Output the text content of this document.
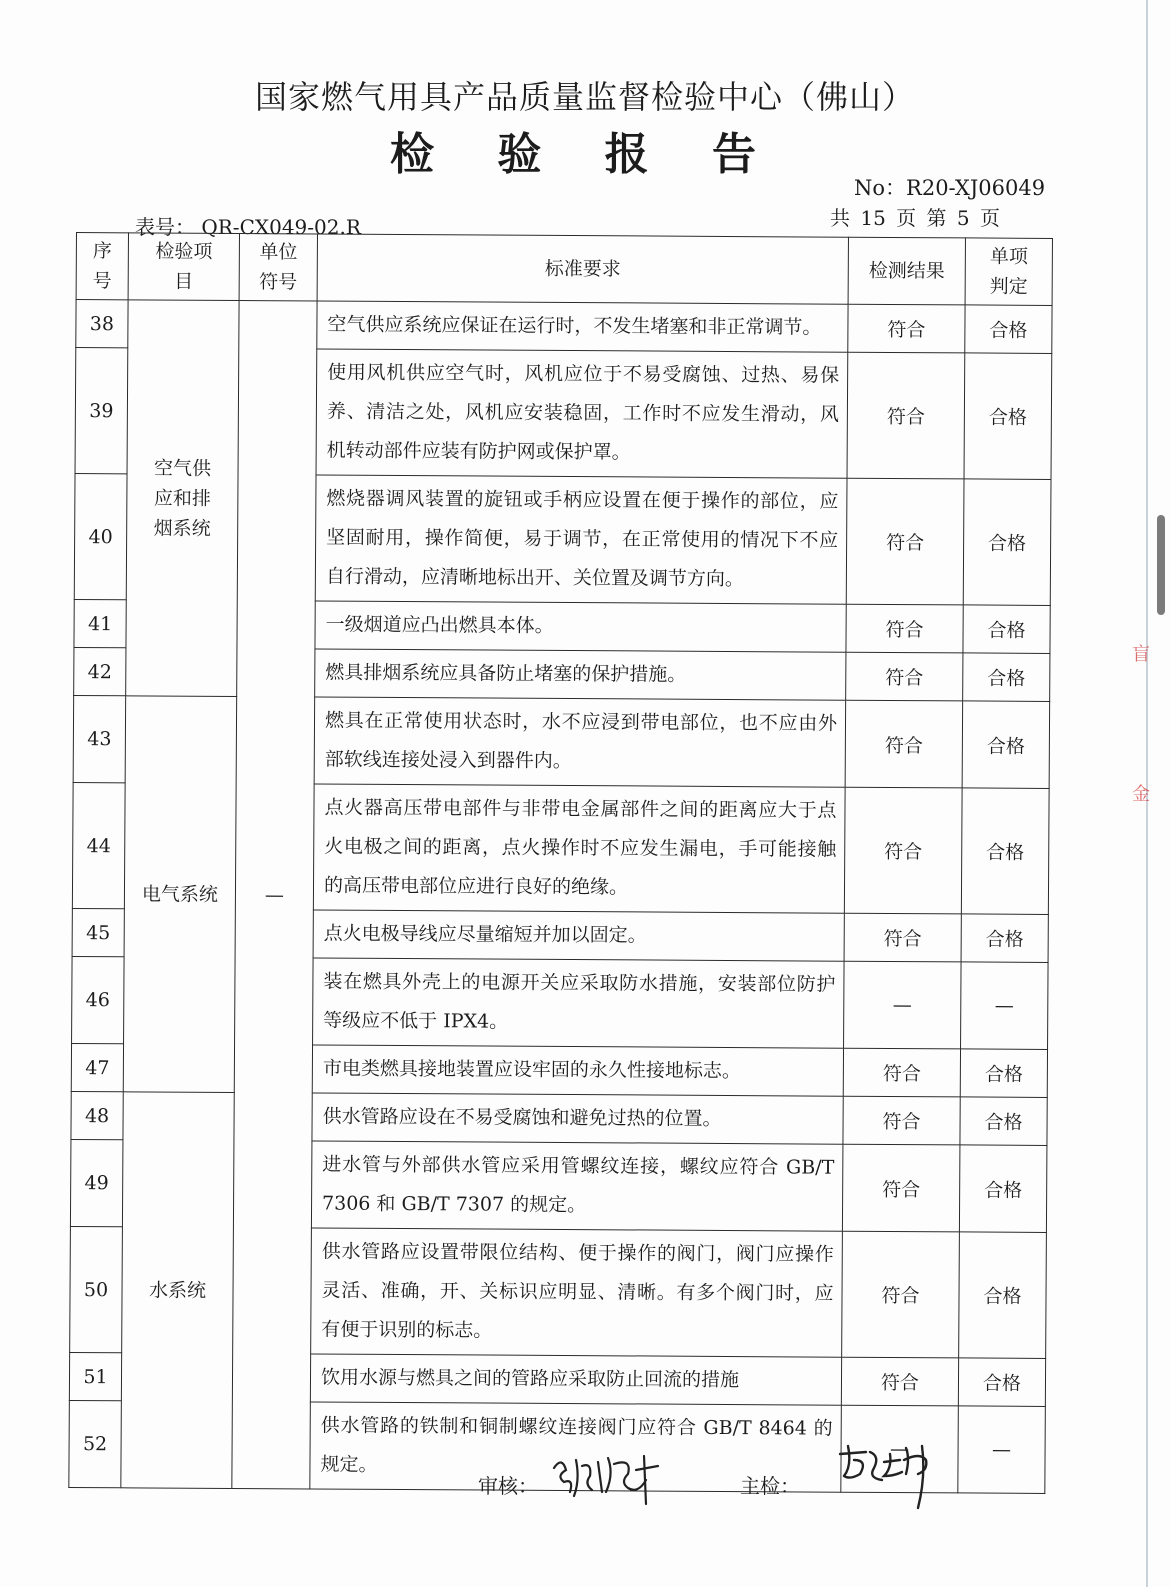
盲
金
国家燃气用具产品质量监督检验中心（佛山）
检 验 报 告
No：R20-XJ06049
表号： QR-CX049-02.R	共 15 页 第 5 页
序号	检验项目	单位符号	标准要求	检测结果	单项判定
38	空气供应和排烟系统	—	空气供应系统应保证在运行时，不发生堵塞和非正常调节。	符合	合格
39			使用风机供应空气时，风机应位于不易受腐蚀、过热、易保养、清洁之处，风机应安装稳固，工作时不应发生滑动，风机转动部件应装有防护网或保护罩。	符合	合格
40			燃烧器调风装置的旋钮或手柄应设置在便于操作的部位，应坚固耐用，操作简便，易于调节，在正常使用的情况下不应自行滑动，应清晰地标出开、关位置及调节方向。	符合	合格
41			一级烟道应凸出燃具本体。	符合	合格
42			燃具排烟系统应具备防止堵塞的保护措施。	符合	合格
43	电气系统		燃具在正常使用状态时，水不应浸到带电部位，也不应由外部软线连接处浸入到器件内。	符合	合格
44			点火器高压带电部件与非带电金属部件之间的距离应大于点火电极之间的距离，点火操作时不应发生漏电，手可能接触的高压带电部位应进行良好的绝缘。	符合	合格
45			点火电极导线应尽量缩短并加以固定。	符合	合格
46			装在燃具外壳上的电源开关应采取防水措施，安装部位防护等级应不低于 IPX4。	—	—
47			市电类燃具接地装置应设牢固的永久性接地标志。	符合	合格
48	水系统		供水管路应设在不易受腐蚀和避免过热的位置。	符合	合格
49			进水管与外部供水管应采用管螺纹连接，螺纹应符合 GB/T 7306 和 GB/T 7307 的规定。	符合	合格
50			供水管路应设置带限位结构、便于操作的阀门，阀门应操作灵活、准确，开、关标识应明显、清晰。有多个阀门时，应有便于识别的标志。	符合	合格
51			饮用水源与燃具之间的管路应采取防止回流的措施	符合	合格
52			供水管路的铁制和铜制螺纹连接阀门应符合 GB/T 8464 的规定。	—	—
审核：	主检：
